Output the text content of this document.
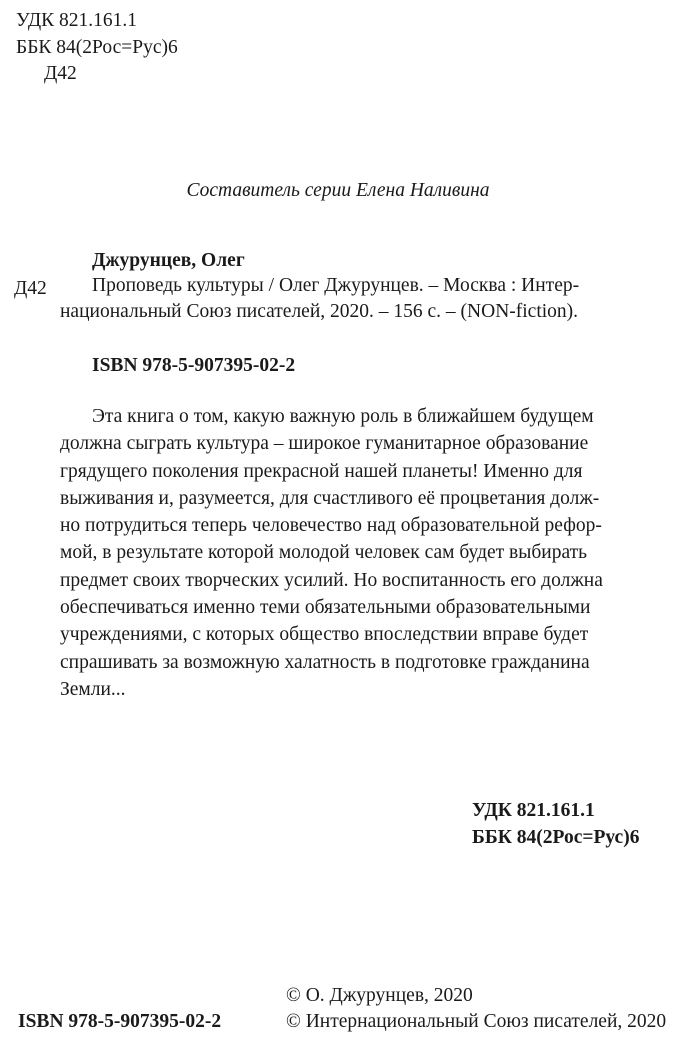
УДК 821.161.1
ББК 84(2Рос=Рус)6
Д42
Составитель серии Елена Наливина
Джурунцев, Олег
Д42 Проповедь культуры / Олег Джурунцев. – Москва : Интер-
национальный Союз писателей, 2020. – 156 с. – (NON-fiction).
ISBN 978-5-907395-02-2
Эта книга о том, какую важную роль в ближайшем будущем
должна сыграть культура – широкое гуманитарное образование
грядущего поколения прекрасной нашей планеты! Именно для
выживания и, разумеется, для счастливого её процветания долж-
но потрудиться теперь человечество над образовательной рефор-
мой, в результате которой молодой человек сам будет выбирать
предмет своих творческих усилий. Но воспитанность его должна
обеспечиваться именно теми обязательными образовательными
учреждениями, с которых общество впоследствии вправе будет
спрашивать за возможную халатность в подготовке гражданина
Земли...
УДК 821.161.1
ББК 84(2Рос=Рус)6
© О. Джурунцев, 2020
© Интернациональный Союз писателей, 2020
ISBN 978-5-907395-02-2
